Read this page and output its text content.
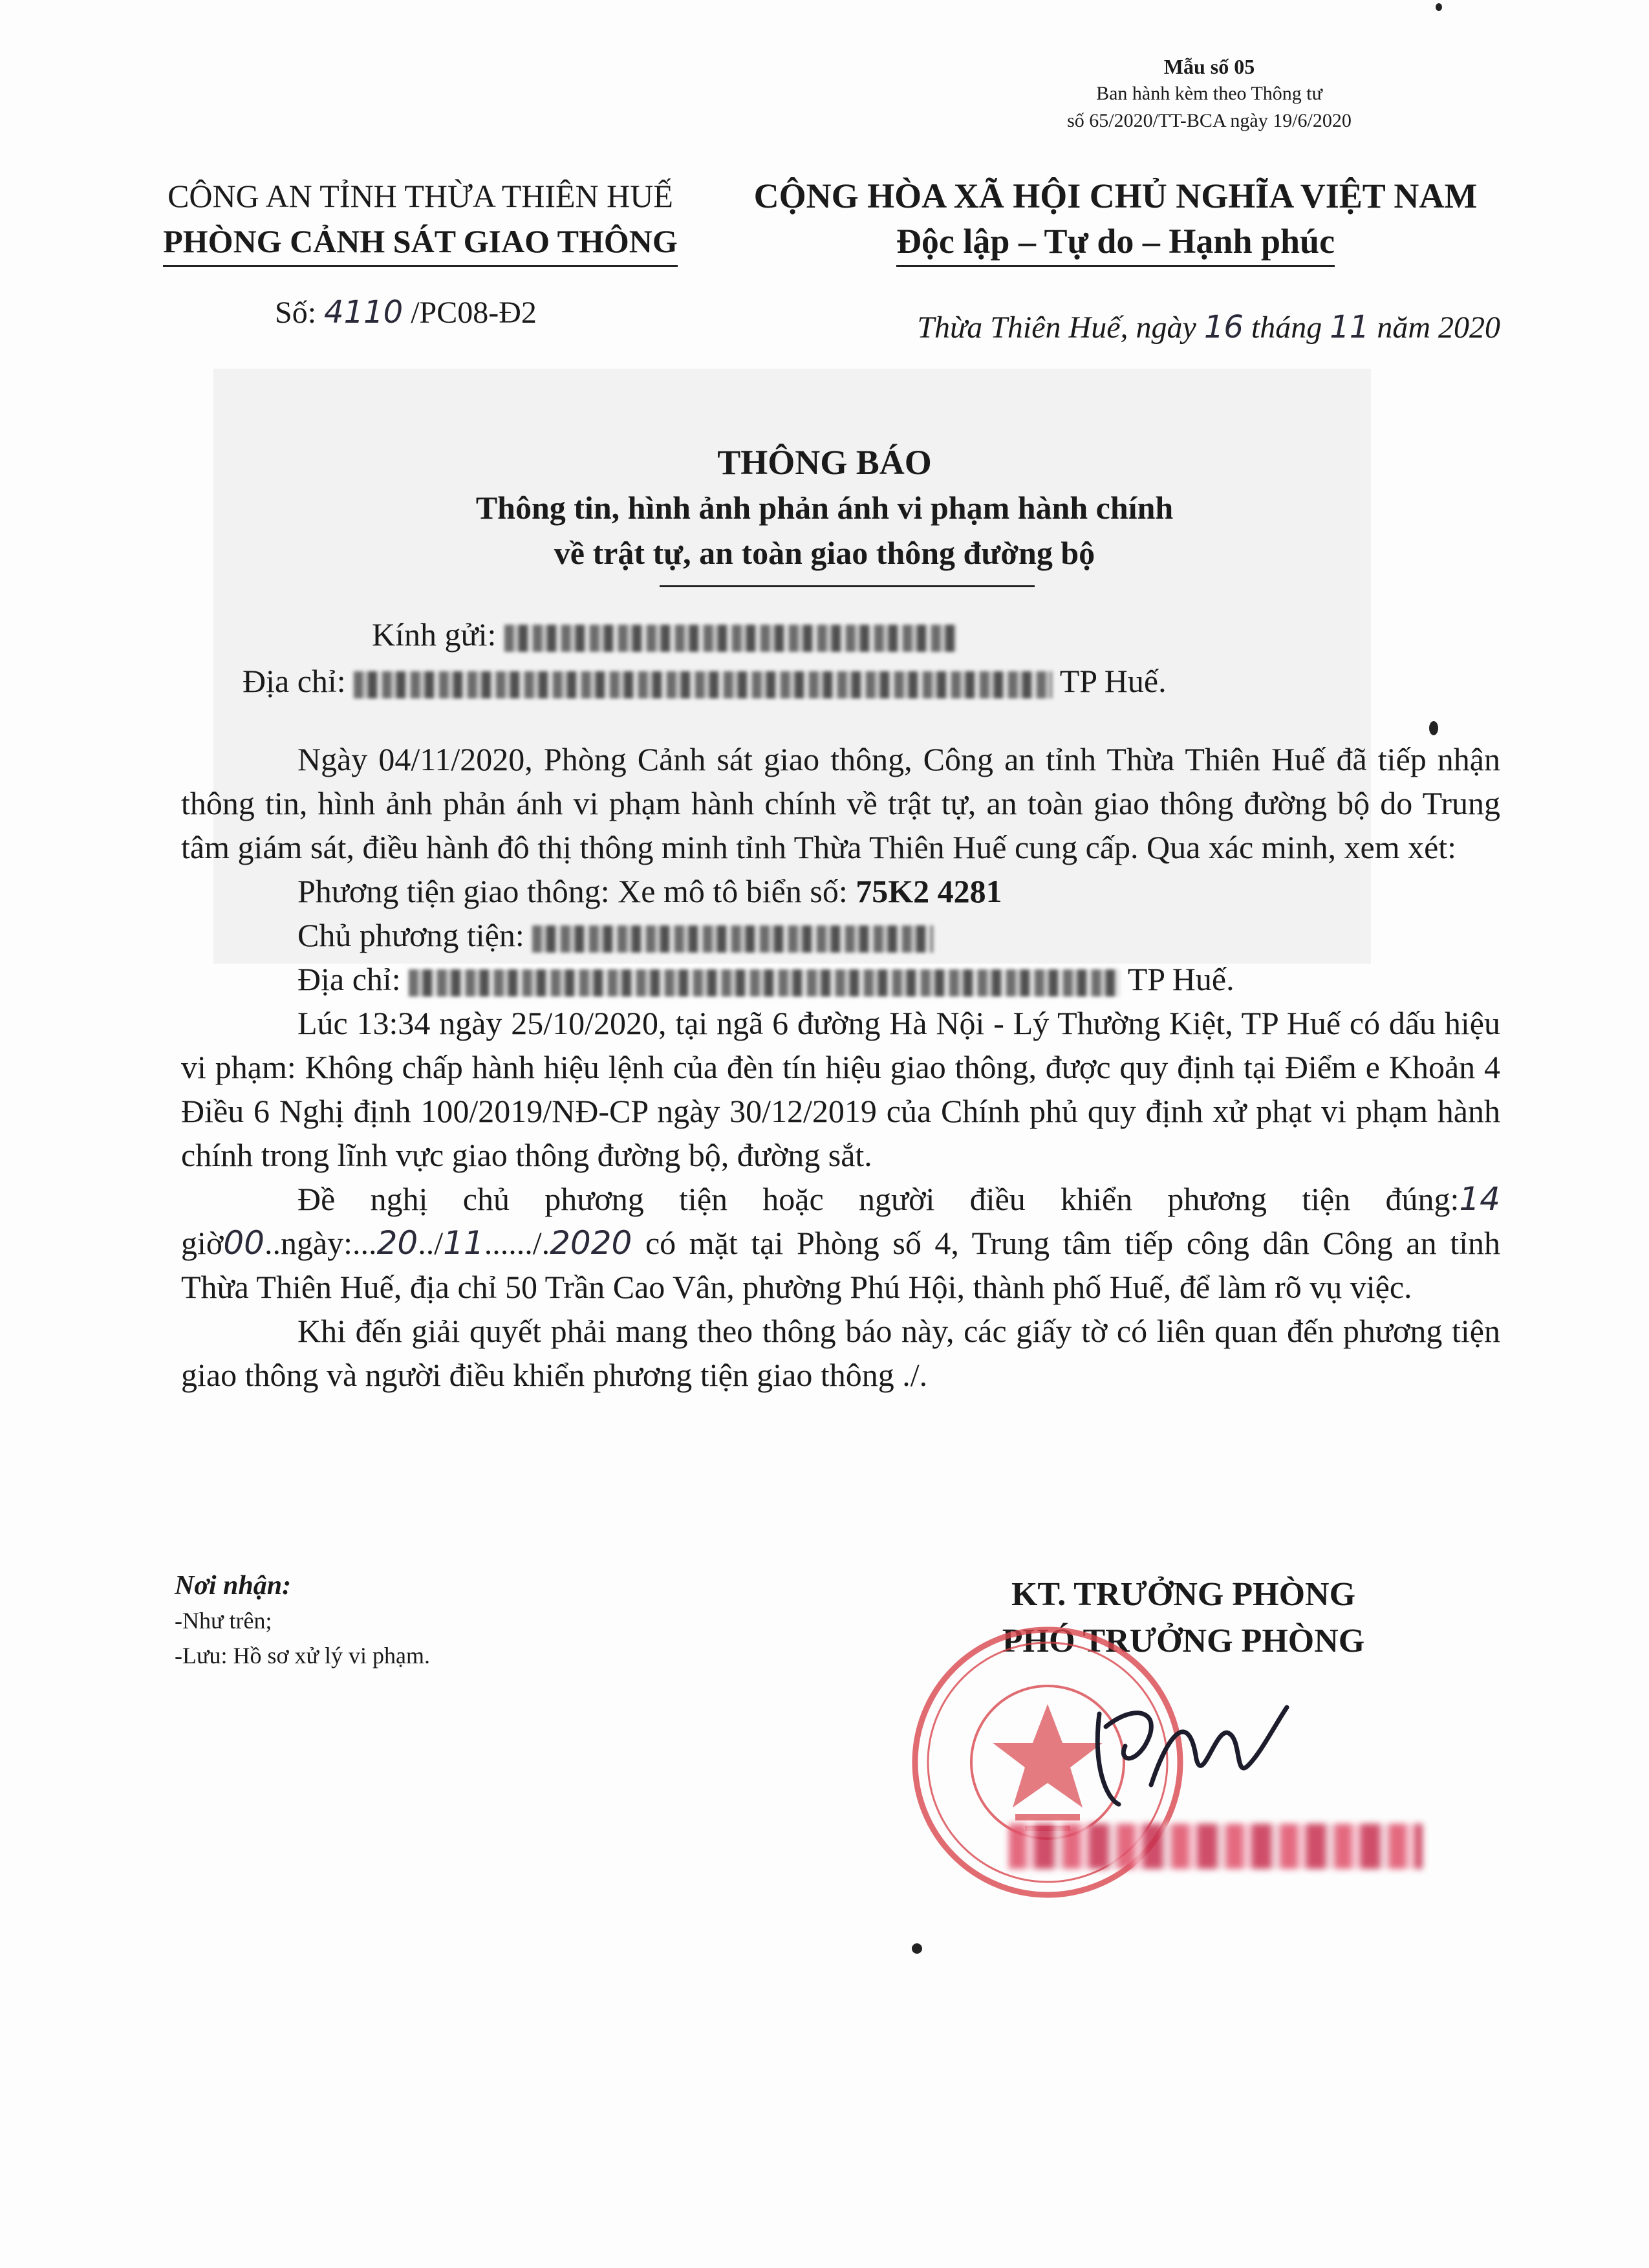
Mẫu số 05
Ban hành kèm theo Thông tư
số 65/2020/TT-BCA ngày 19/6/2020
CÔNG AN TỈNH THỪA THIÊN HUẾ
PHÒNG CẢNH SÁT GIAO THÔNG
CỘNG HÒA XÃ HỘI CHỦ NGHĨA VIỆT NAM
Độc lập – Tự do – Hạnh phúc
Số: 4110 /PC08-Đ2	Thừa Thiên Huế, ngày 16 tháng 11 năm 2020
THÔNG BÁO
Thông tin, hình ảnh phản ánh vi phạm hành chính
về trật tự, an toàn giao thông đường bộ
Kính gửi:
Địa chỉ:	TP Huế.

Ngày 04/11/2020, Phòng Cảnh sát giao thông, Công an tỉnh Thừa Thiên Huế đã tiếp nhận thông tin, hình ảnh phản ánh vi phạm hành chính về trật tự, an toàn giao thông đường bộ do Trung tâm giám sát, điều hành đô thị thông minh tỉnh Thừa Thiên Huế cung cấp. Qua xác minh, xem xét:

Phương tiện giao thông: Xe mô tô biển số: 75K2 4281

Chủ phương tiện:

Địa chỉ:	TP Huế.

Lúc 13:34 ngày 25/10/2020, tại ngã 6 đường Hà Nội - Lý Thường Kiệt, TP Huế có dấu hiệu vi phạm: Không chấp hành hiệu lệnh của đèn tín hiệu giao thông, được quy định tại Điểm e Khoản 4 Điều 6 Nghị định 100/2019/NĐ-CP ngày 30/12/2019 của Chính phủ quy định xử phạt vi phạm hành chính trong lĩnh vực giao thông đường bộ, đường sắt.

Đề nghị chủ phương tiện hoặc người điều khiển phương tiện đúng:14 giờ00..ngày:...20../11....../.2020 có mặt tại Phòng số 4, Trung tâm tiếp công dân Công an tỉnh Thừa Thiên Huế, địa chỉ 50 Trần Cao Vân, phường Phú Hội, thành phố Huế, để làm rõ vụ việc.

Khi đến giải quyết phải mang theo thông báo này, các giấy tờ có liên quan đến phương tiện giao thông và người điều khiển phương tiện giao thông ./.

Nơi nhận:
-Như trên;
-Lưu: Hồ sơ xử lý vi phạm.
KT. TRƯỞNG PHÒNG
PHÓ TRƯỞNG PHÒNG
